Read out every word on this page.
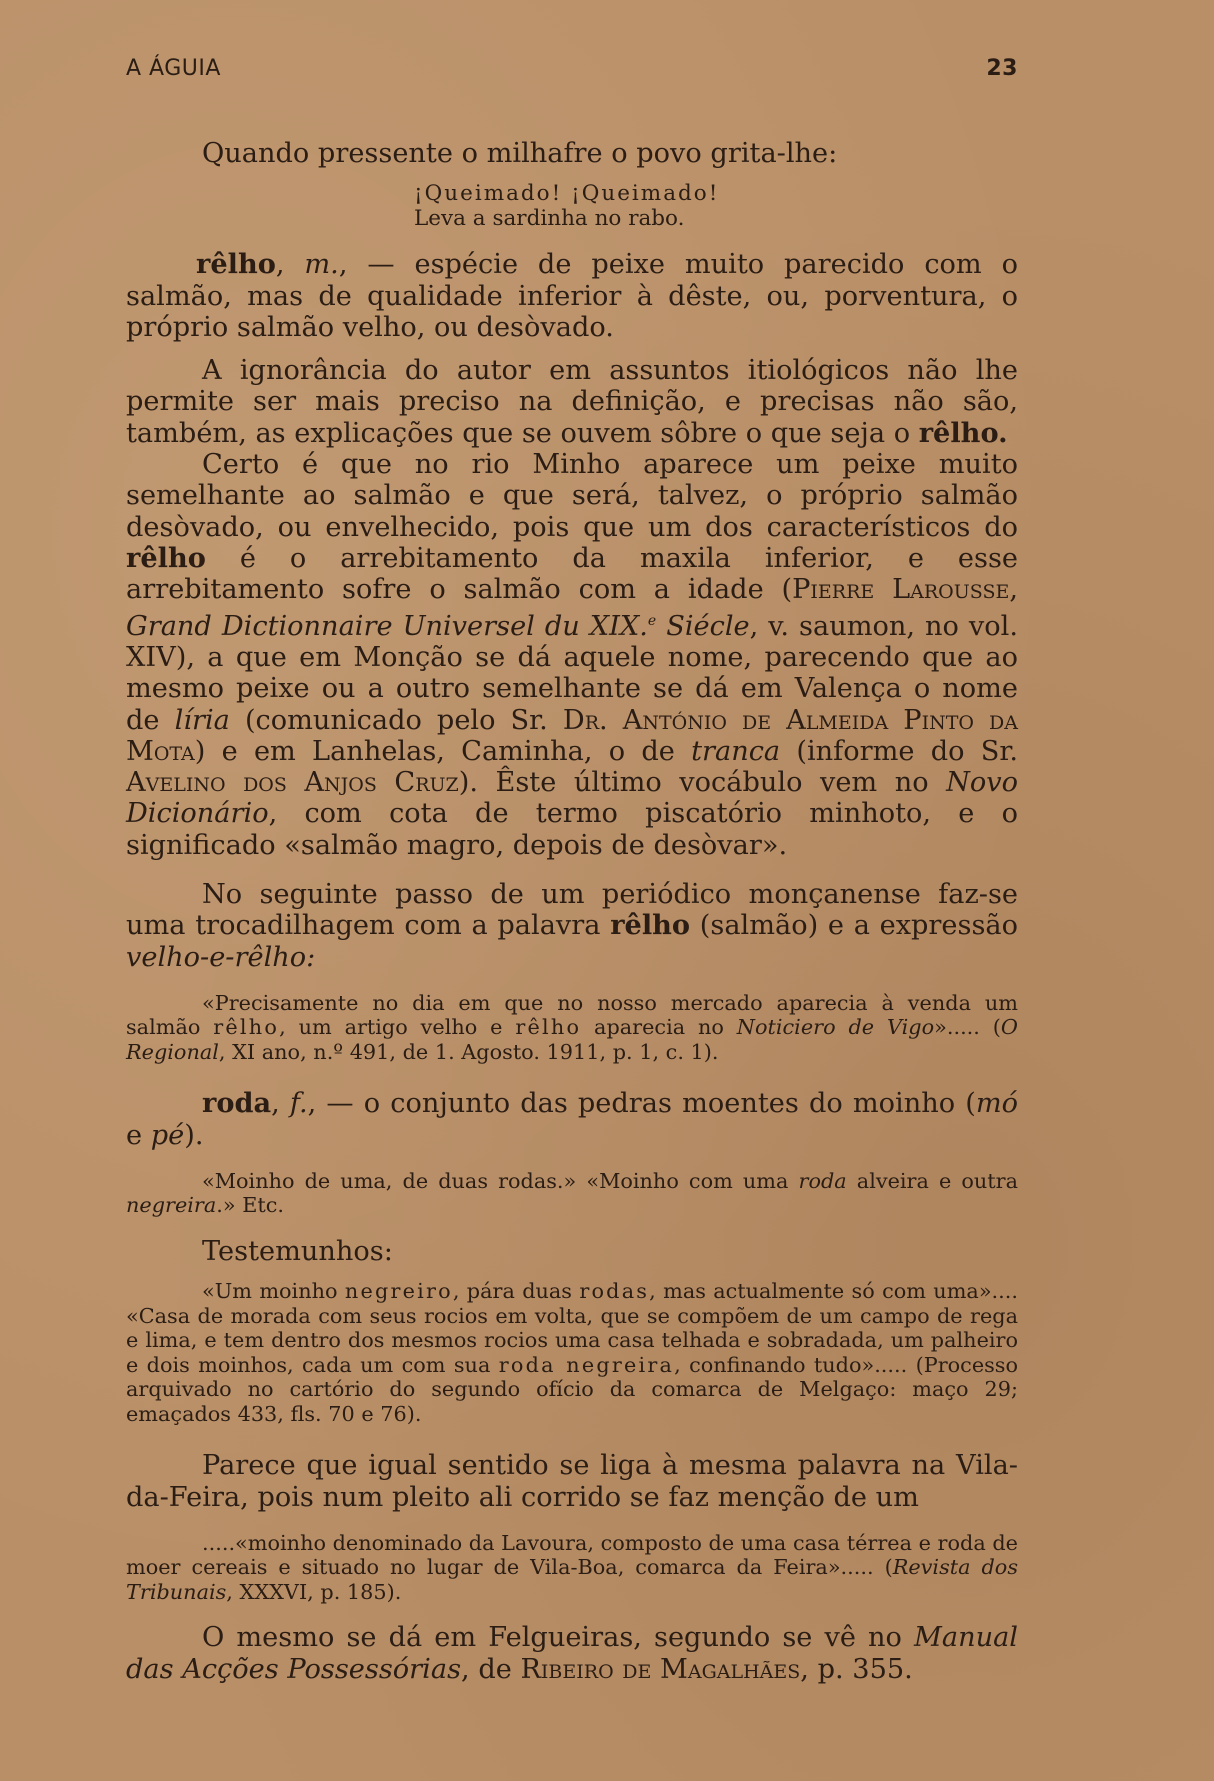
A ÁGUIA	23

Quando pressente o milhafre o povo grita-lhe:

¡Queimado! ¡Queimado!
Leva a sardinha no rabo.

rêlho, m., — espécie de peixe muito parecido com o salmão, mas de qualidade inferior à dêste, ou, porventura, o próprio salmão velho, ou desòvado.

A ignorância do autor em assuntos itiológicos não lhe permite ser mais preciso na definição, e precisas não são, também, as explicações que se ouvem sôbre o que seja o rêlho.

Certo é que no rio Minho aparece um peixe muito semelhante ao salmão e que será, talvez, o próprio salmão desòvado, ou envelhecido, pois que um dos característicos do rêlho é o arrebitamento da maxila inferior, e esse arrebitamento sofre o salmão com a idade (Pierre Larousse, Grand Dictionnaire Universel du XIX.$^e$ Siécle, v. saumon, no vol. XIV), a que em Monção se dá aquele nome, parecendo que ao mesmo peixe ou a outro semelhante se dá em Valença o nome de líria (comunicado pelo Sr. Dr. António de Almeida Pinto da Mota) e em Lanhelas, Caminha, o de tranca (informe do Sr. Avelino dos Anjos Cruz). Êste último vocábulo vem no Novo Dicionário, com cota de termo piscatório minhoto, e o significado «salmão magro, depois de desòvar».

No seguinte passo de um periódico monçanense faz-se uma trocadilhagem com a palavra rêlho (salmão) e a expressão velho-e-rêlho:

«Precisamente no dia em que no nosso mercado aparecia à venda um salmão rêlho, um artigo velho e rêlho aparecia no Noticiero de Vigo»..... (O Regional, XI ano, n.º 491, de 1. Agosto. 1911, p. 1, c. 1).

roda, f., — o conjunto das pedras moentes do moinho (mó e pé).

«Moinho de uma, de duas rodas.» «Moinho com uma roda alveira e outra negreira.» Etc.

Testemunhos:

«Um moinho negreiro, pára duas rodas, mas actualmente só com uma».... «Casa de morada com seus rocios em volta, que se compõem de um campo de rega e lima, e tem dentro dos mesmos rocios uma casa telhada e sobradada, um palheiro e dois moinhos, cada um com sua roda negreira, confinando tudo»..... (Processo arquivado no cartório do segundo ofício da comarca de Melgaço: maço 29; emaçados 433, fls. 70 e 76).

Parece que igual sentido se liga à mesma palavra na Vila-da-Feira, pois num pleito ali corrido se faz menção de um

.....«moinho denominado da Lavoura, composto de uma casa térrea e roda de moer cereais e situado no lugar de Vila-Boa, comarca da Feira»..... (Revista dos Tribunais, XXXVI, p. 185).

O mesmo se dá em Felgueiras, segundo se vê no Manual das Acções Possessórias, de Ribeiro de Magalhães, p. 355.
